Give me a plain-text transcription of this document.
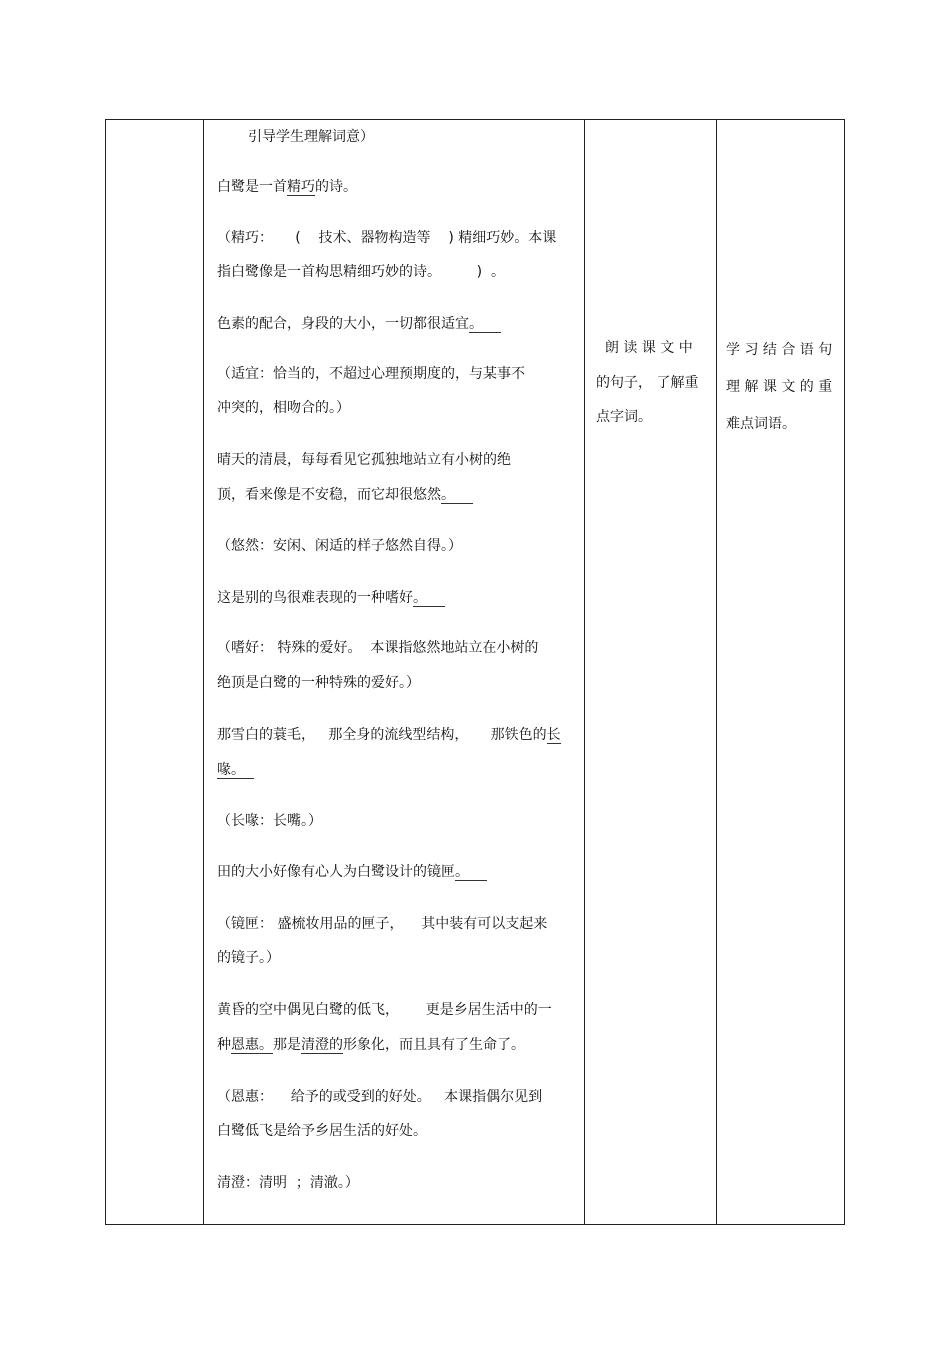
引导学生理解词意）
白鹭是一首精巧的诗。
（精巧：     (    技术、器物构造等    ) 精细巧妙。本课
指白鹭像是一首构思精细巧妙的诗。        )  。
色素的配合，身段的大小，一切都很适宜。
（适宜：恰当的，不超过心理预期度的，与某事不
冲突的，相吻合的。）
晴天的清晨，每每看见它孤独地站立有小树的绝
顶，看来像是不安稳，而它却很悠然。
（悠然：安闲、闲适的样子悠然自得。）
这是别的鸟很难表现的一种嗜好。
（嗜好： 特殊的爱好。  本课指悠然地站立在小树的
绝顶是白鹭的一种特殊的爱好。）
那雪白的蓑毛，   那全身的流线型结构，     那铁色的长
喙。
（长喙：长嘴。）
田的大小好像有心人为白鹭设计的镜匣。
（镜匣： 盛梳妆用品的匣子，    其中装有可以支起来
的镜子。）
黄昏的空中偶见白鹭的低飞，      更是乡居生活中的一
种恩惠。那是清澄的形象化，而且具有了生命了。
（恩惠：    给予的或受到的好处。   本课指偶尔见到
白鹭低飞是给予乡居生活的好处。
清澄：清明  ；清澈。）
朗 读 课 文 中
的句子， 了解重
点字词。
学 习 结 合 语 句
理 解 课 文 的 重
难点词语。
